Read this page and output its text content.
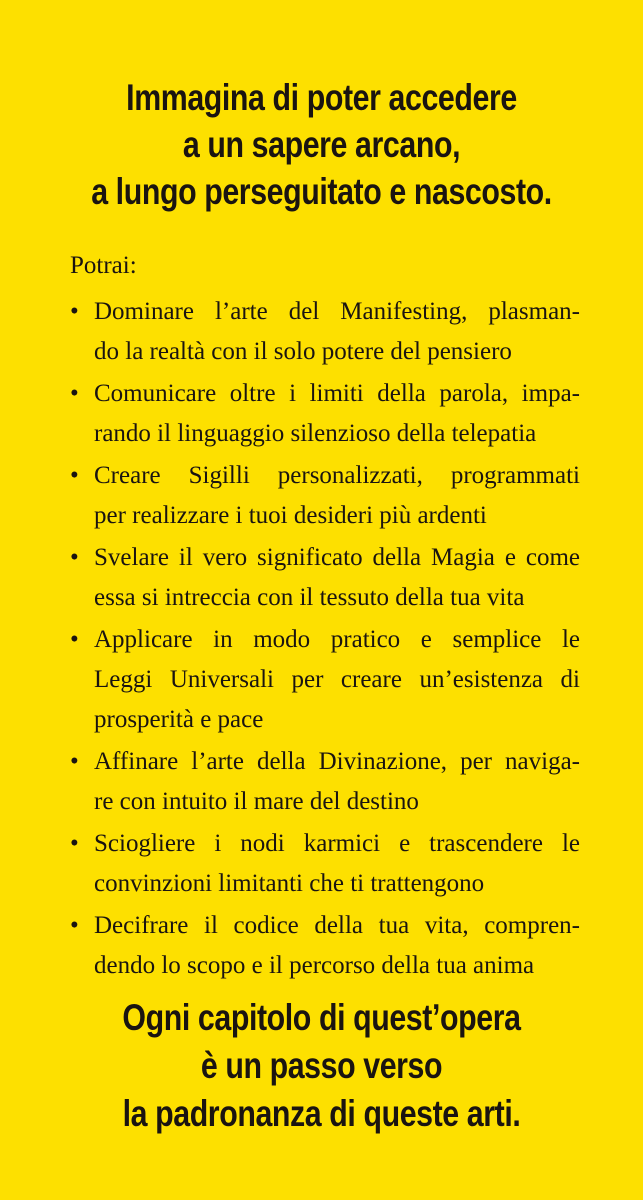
Immagina di poter accedere
a un sapere arcano,
a lungo perseguitato e nascosto.
Potrai:
• Dominare l’arte del Manifesting, plasman-
do la realtà con il solo potere del pensiero
• Comunicare oltre i limiti della parola, impa-
rando il linguaggio silenzioso della telepatia
• Creare Sigilli personalizzati, programmati
per realizzare i tuoi desideri più ardenti
• Svelare il vero significato della Magia e come
essa si intreccia con il tessuto della tua vita
• Applicare in modo pratico e semplice le
Leggi Universali per creare un’esistenza di
prosperità e pace
• Affinare l’arte della Divinazione, per naviga-
re con intuito il mare del destino
• Sciogliere i nodi karmici e trascendere le
convinzioni limitanti che ti trattengono
• Decifrare il codice della tua vita, compren-
dendo lo scopo e il percorso della tua anima
Ogni capitolo di quest’opera
è un passo verso
la padronanza di queste arti.
